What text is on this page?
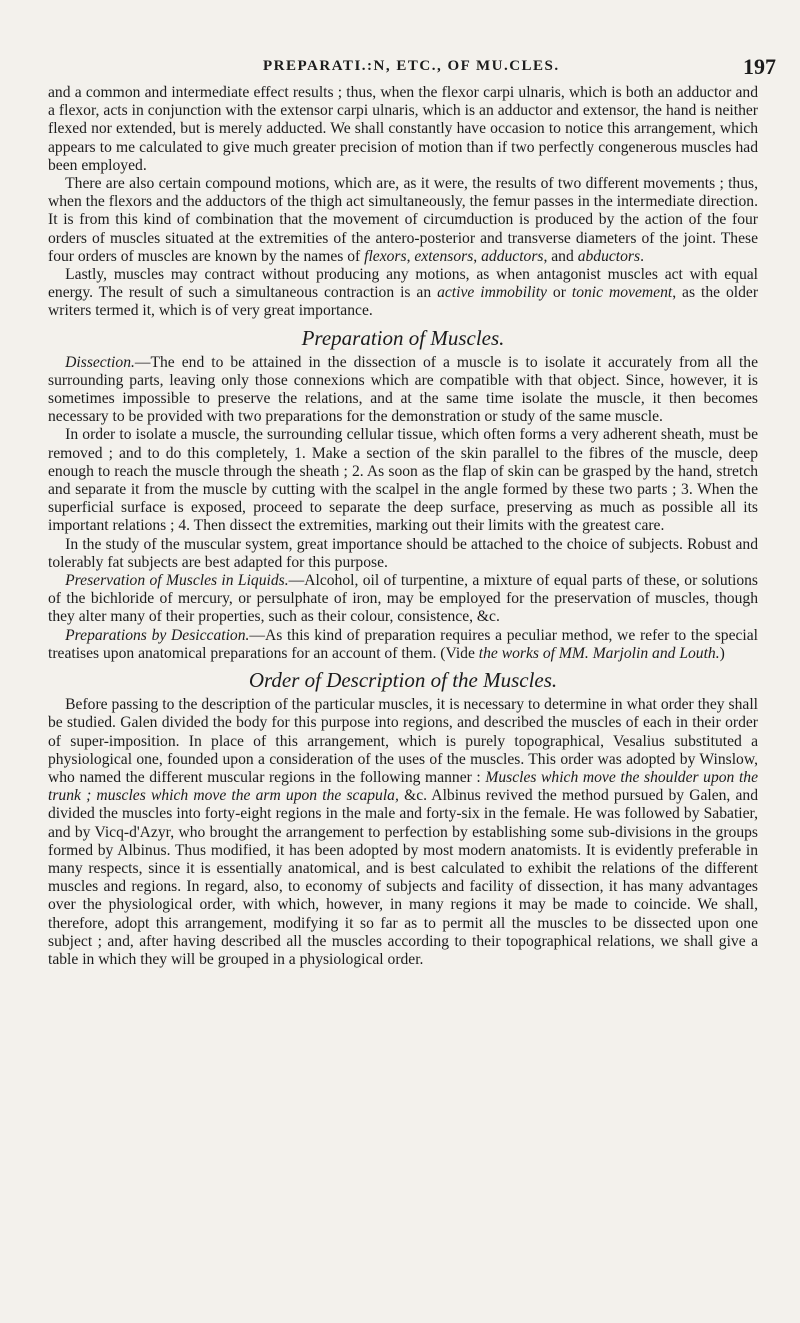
PREPARATI.:N, ETC., OF MU.CLES.	197

and a common and intermediate effect results ; thus, when the flexor carpi ulnaris, which is both an adductor and a flexor, acts in conjunction with the extensor carpi ulnaris, which is an adductor and extensor, the hand is neither flexed nor extended, but is merely adducted. We shall constantly have occasion to notice this arrangement, which appears to me calculated to give much greater precision of motion than if two perfectly congenerous muscles had been employed.

There are also certain compound motions, which are, as it were, the results of two different movements ; thus, when the flexors and the adductors of the thigh act simultaneously, the femur passes in the intermediate direction. It is from this kind of combination that the movement of circumduction is produced by the action of the four orders of muscles situated at the extremities of the antero-posterior and transverse diameters of the joint. These four orders of muscles are known by the names of flexors, extensors, adductors, and abductors.

Lastly, muscles may contract without producing any motions, as when antagonist muscles act with equal energy. The result of such a simultaneous contraction is an active immobility or tonic movement, as the older writers termed it, which is of very great importance.

Preparation of Muscles.

Dissection.—The end to be attained in the dissection of a muscle is to isolate it accurately from all the surrounding parts, leaving only those connexions which are compatible with that object. Since, however, it is sometimes impossible to preserve the relations, and at the same time isolate the muscle, it then becomes necessary to be provided with two preparations for the demonstration or study of the same muscle.

In order to isolate a muscle, the surrounding cellular tissue, which often forms a very adherent sheath, must be removed ; and to do this completely, 1. Make a section of the skin parallel to the fibres of the muscle, deep enough to reach the muscle through the sheath ; 2. As soon as the flap of skin can be grasped by the hand, stretch and separate it from the muscle by cutting with the scalpel in the angle formed by these two parts ; 3. When the superficial surface is exposed, proceed to separate the deep surface, preserving as much as possible all its important relations ; 4. Then dissect the extremities, marking out their limits with the greatest care.

In the study of the muscular system, great importance should be attached to the choice of subjects. Robust and tolerably fat subjects are best adapted for this purpose.

Preservation of Muscles in Liquids.—Alcohol, oil of turpentine, a mixture of equal parts of these, or solutions of the bichloride of mercury, or persulphate of iron, may be employed for the preservation of muscles, though they alter many of their properties, such as their colour, consistence, &c.

Preparations by Desiccation.—As this kind of preparation requires a peculiar method, we refer to the special treatises upon anatomical preparations for an account of them. (Vide the works of MM. Marjolin and Louth.)

Order of Description of the Muscles.

Before passing to the description of the particular muscles, it is necessary to determine in what order they shall be studied. Galen divided the body for this purpose into regions, and described the muscles of each in their order of super-imposition. In place of this arrangement, which is purely topographical, Vesalius substituted a physiological one, founded upon a consideration of the uses of the muscles. This order was adopted by Winslow, who named the different muscular regions in the following manner : Muscles which move the shoulder upon the trunk ; muscles which move the arm upon the scapula, &c. Albinus revived the method pursued by Galen, and divided the muscles into forty-eight regions in the male and forty-six in the female. He was followed by Sabatier, and by Vicq-d'Azyr, who brought the arrangement to perfection by establishing some sub-divisions in the groups formed by Albinus. Thus modified, it has been adopted by most modern anatomists. It is evidently preferable in many respects, since it is essentially anatomical, and is best calculated to exhibit the relations of the different muscles and regions. In regard, also, to economy of subjects and facility of dissection, it has many advantages over the physiological order, with which, however, in many regions it may be made to coincide. We shall, therefore, adopt this arrangement, modifying it so far as to permit all the muscles to be dissected upon one subject ; and, after having described all the muscles according to their topographical relations, we shall give a table in which they will be grouped in a physiological order.
